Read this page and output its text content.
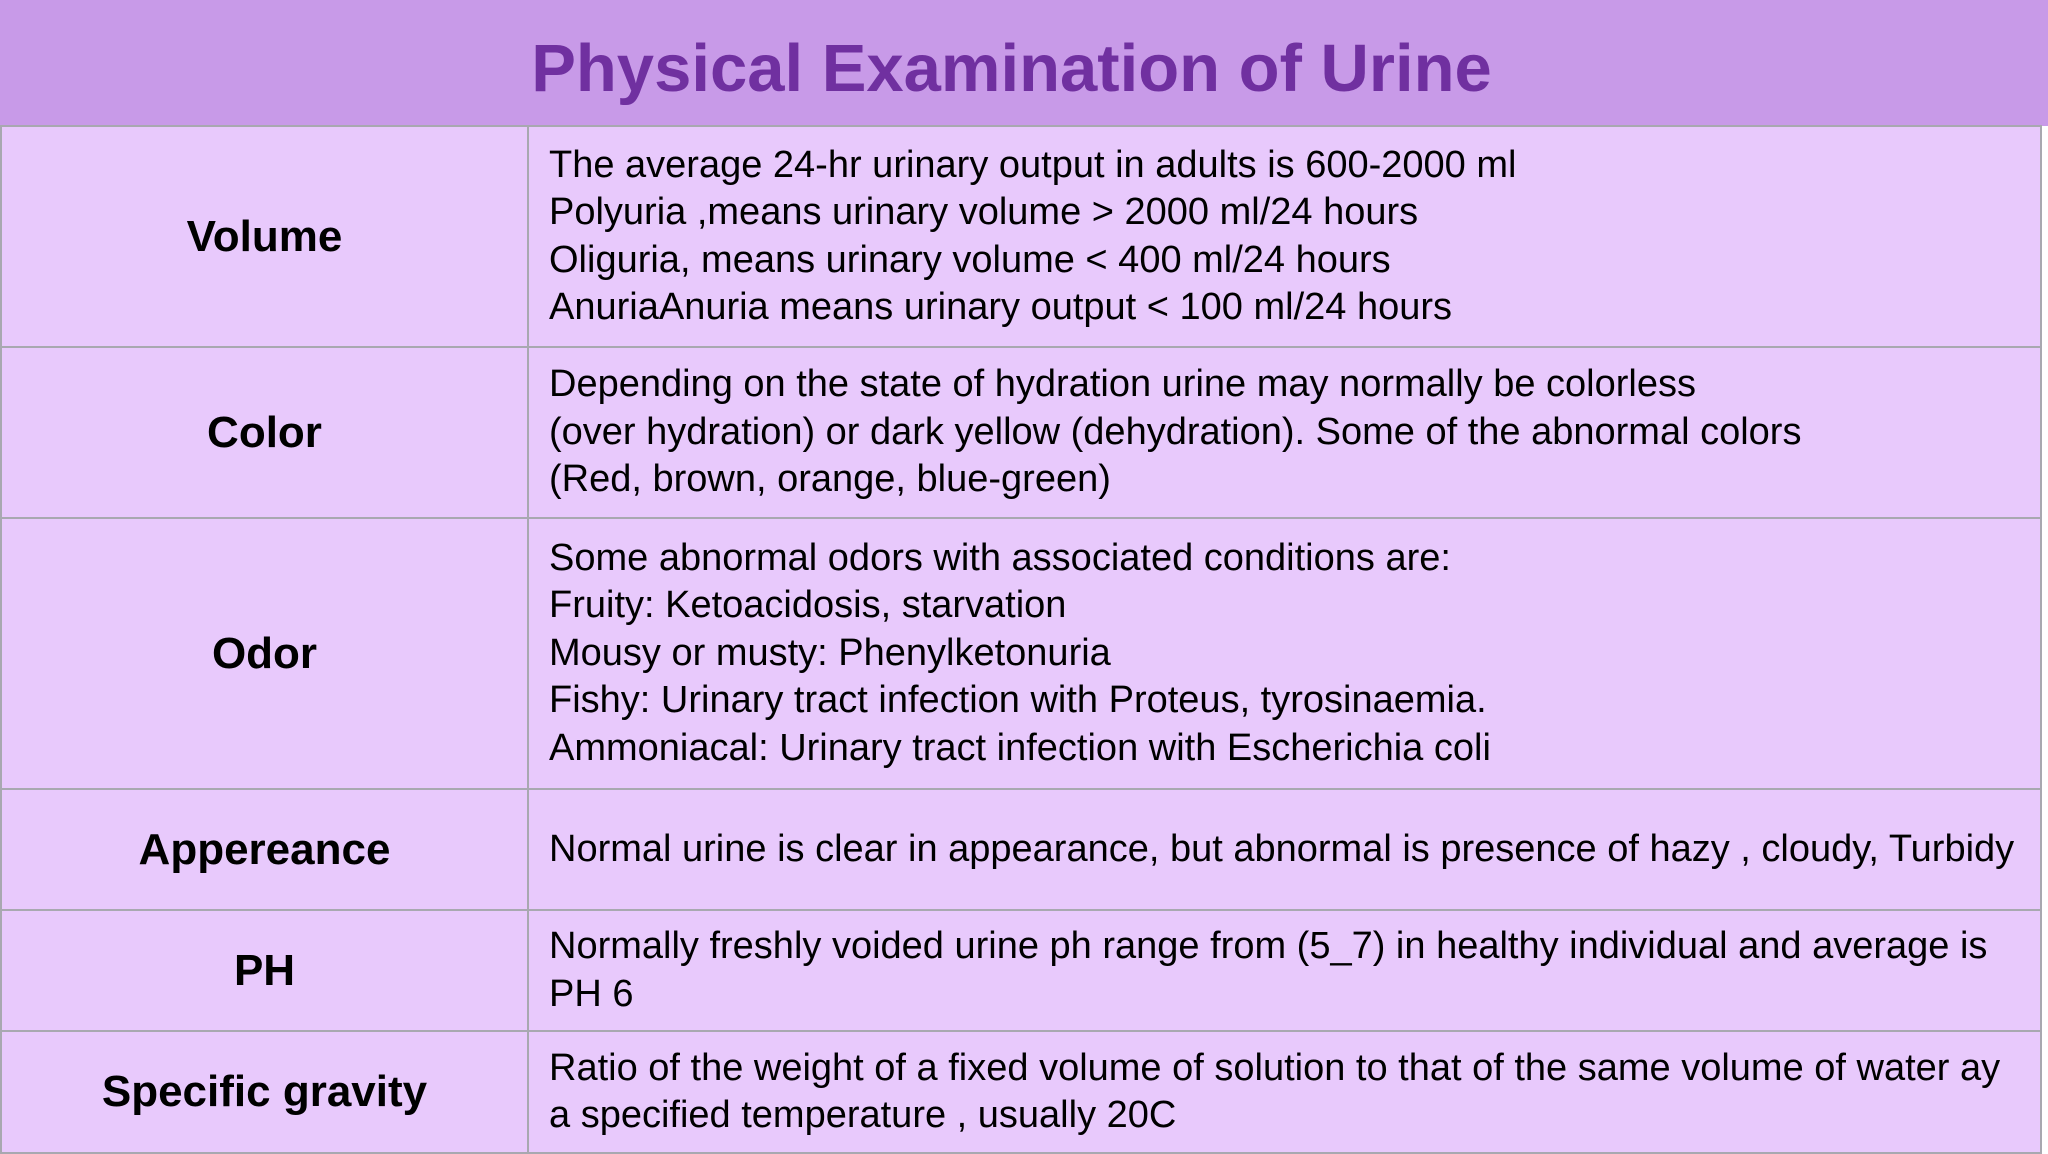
Physical Examination of Urine
Volume	The average 24-hr urinary output in adults is 600-2000 ml
Polyuria ,means urinary volume > 2000 ml/24 hours
Oliguria, means urinary volume < 400 ml/24 hours
AnuriaAnuria means urinary output < 100 ml/24 hours

Color	Depending on the state of hydration urine may normally be colorless
(over hydration) or dark yellow (dehydration). Some of the abnormal colors
(Red, brown, orange, blue-green)

Odor	Some abnormal odors with associated conditions are:
Fruity: Ketoacidosis, starvation
Mousy or musty: Phenylketonuria
Fishy: Urinary tract infection with Proteus, tyrosinaemia.
Ammoniacal: Urinary tract infection with Escherichia coli

Appereance	Normal urine is clear in appearance, but abnormal is presence of hazy , cloudy, Turbidy

PH	Normally freshly voided urine ph range from (5_7) in healthy individual and average is PH 6

Specific gravity	Ratio of the weight of a fixed volume of solution to that of the same volume of water ay a specified temperature , usually 20C
